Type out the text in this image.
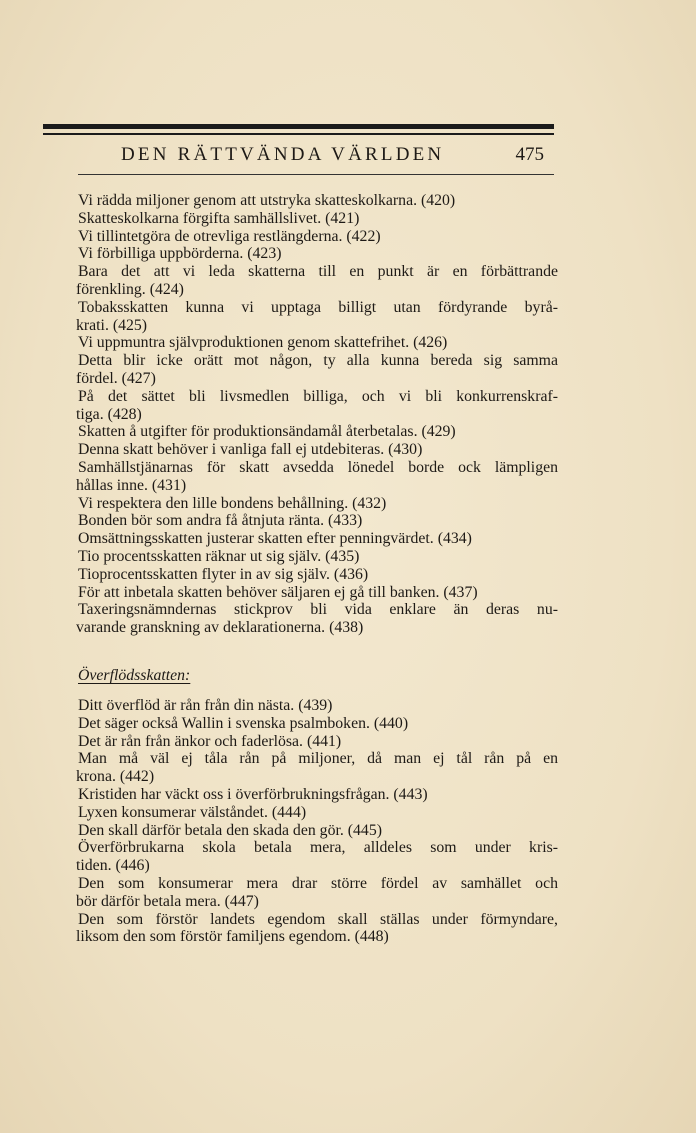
DEN RÄTTVÄNDA VÄRLDEN	475
Vi rädda miljoner genom att utstryka skatteskolkarna. (420)
Skatteskolkarna förgifta samhällslivet. (421)
Vi tillintetgöra de otrevliga restlängderna. (422)
Vi förbilliga uppbörderna. (423)
Bara det att vi leda skatterna till en punkt är en förbättrande
förenkling. (424)
Tobaksskatten kunna vi upptaga billigt utan fördyrande byrå-
krati. (425)
Vi uppmuntra självproduktionen genom skattefrihet. (426)
Detta blir icke orätt mot någon, ty alla kunna bereda sig samma
fördel. (427)
På det sättet bli livsmedlen billiga, och vi bli konkurrenskraf-
tiga. (428)
Skatten å utgifter för produktionsändamål återbetalas. (429)
Denna skatt behöver i vanliga fall ej utdebiteras. (430)
Samhällstjänarnas för skatt avsedda lönedel borde ock lämpligen
hållas inne. (431)
Vi respektera den lille bondens behållning. (432)
Bonden bör som andra få åtnjuta ränta. (433)
Omsättningsskatten justerar skatten efter penningvärdet. (434)
Tio procentsskatten räknar ut sig själv. (435)
Tioprocentsskatten flyter in av sig själv. (436)
För att inbetala skatten behöver säljaren ej gå till banken. (437)
Taxeringsnämndernas stickprov bli vida enklare än deras nu-
varande granskning av deklarationerna. (438)
Överflödsskatten:
Ditt överflöd är rån från din nästa. (439)
Det säger också Wallin i svenska psalmboken. (440)
Det är rån från änkor och faderlösa. (441)
Man må väl ej tåla rån på miljoner, då man ej tål rån på en
krona. (442)
Kristiden har väckt oss i överförbrukningsfrågan. (443)
Lyxen konsumerar välståndet. (444)
Den skall därför betala den skada den gör. (445)
Överförbrukarna skola betala mera, alldeles som under kris-
tiden. (446)
Den som konsumerar mera drar större fördel av samhället och
bör därför betala mera. (447)
Den som förstör landets egendom skall ställas under förmyndare,
liksom den som förstör familjens egendom. (448)
